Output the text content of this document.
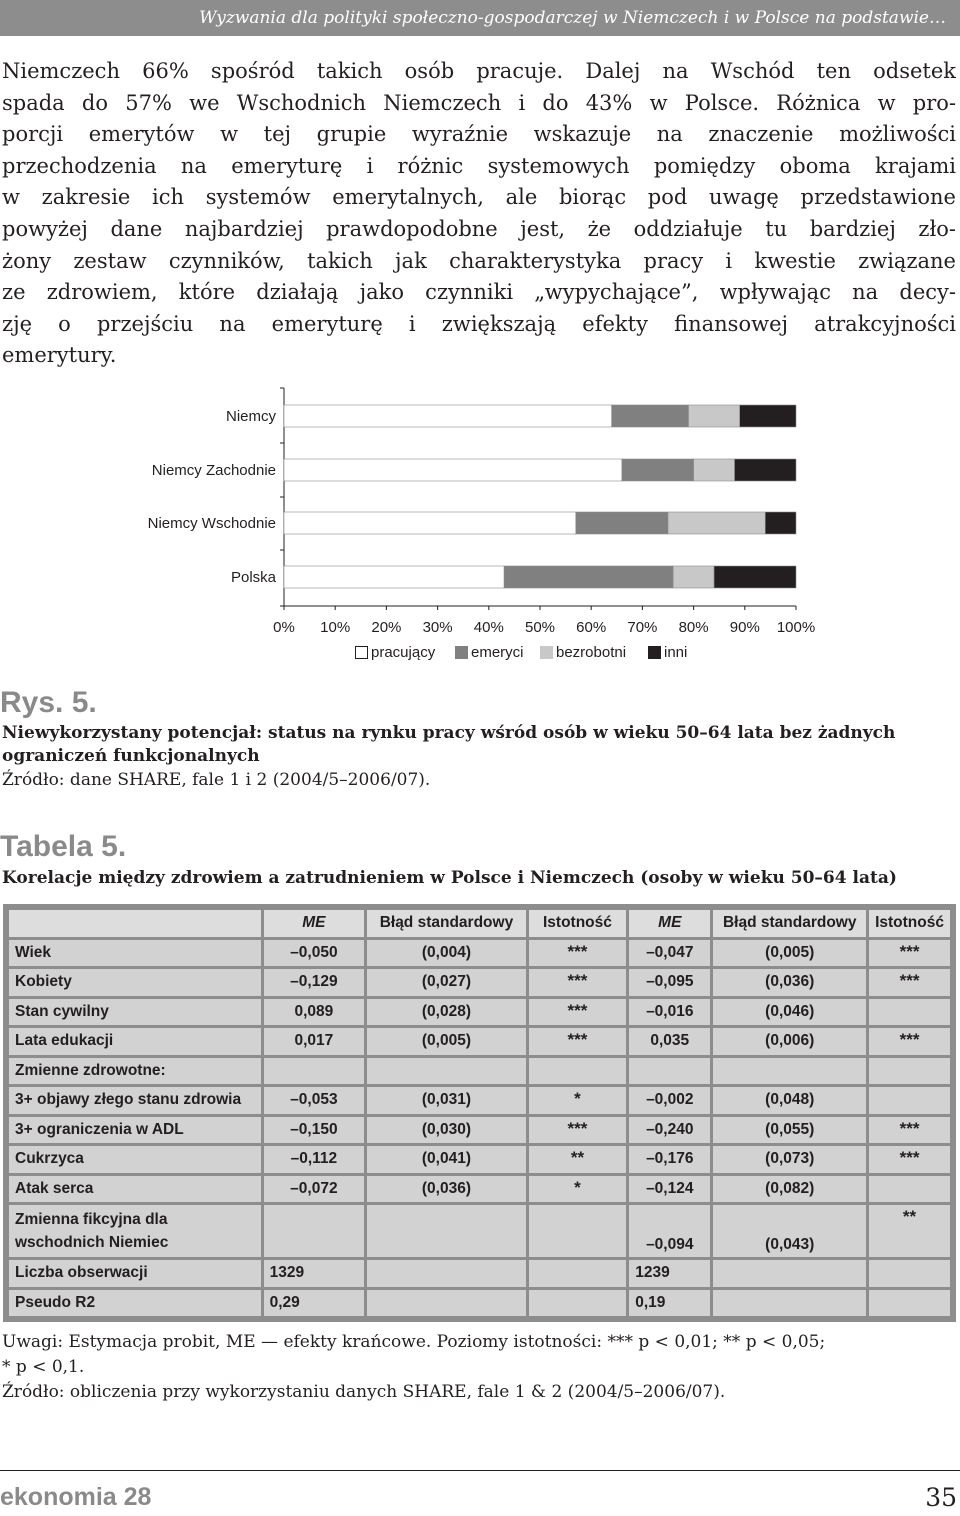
Wyzwania dla polityki społeczno-gospodarczej w Niemczech i w Polsce na podstawie…
Niemczech 66% spośród takich osób pracuje. Dalej na Wschód ten odsetek
spada do 57% we Wschodnich Niemczech i do 43% w Polsce. Różnica w pro-
porcji emerytów w tej grupie wyraźnie wskazuje na znaczenie możliwości
przechodzenia na emeryturę i różnic systemowych pomiędzy oboma krajami
w zakresie ich systemów emerytalnych, ale biorąc pod uwagę przedstawione
powyżej dane najbardziej prawdopodobne jest, że oddziałuje tu bardziej zło-
żony zestaw czynników, takich jak charakterystyka pracy i kwestie związane
ze zdrowiem, które działają jako czynniki „wypychające”, wpływając na decy-
zję o przejściu na emeryturę i zwiększają efekty finansowej atrakcyjności
emerytury.
0% 10% 20% 30% 40% 50% 60% 70% 80% 90% 100%
Niemcy
Niemcy Zachodnie
Niemcy Wschodnie
Polska
pracujący	emeryci	bezrobotni	inni
Rys. 5.
Niewykorzystany potencjał: status na rynku pracy wśród osób w wieku 50–64 lata bez żadnych ograniczeń funkcjonalnych
Źródło: dane SHARE, fale 1 i 2 (2004/5–2006/07).
Tabela 5.
Korelacje między zdrowiem a zatrudnieniem w Polsce i Niemczech (osoby w wieku 50–64 lata)
	ME	Błąd standardowy	Istotność	ME	Błąd standardowy	Istotność
Wiek	–0,050	(0,004)	***	–0,047	(0,005)	***
Kobiety	–0,129	(0,027)	***	–0,095	(0,036)	***
Stan cywilny	0,089	(0,028)	***	–0,016	(0,046)	
Lata edukacji	0,017	(0,005)	***	0,035	(0,006)	***
Zmienne zdrowotne:						
3+ objawy złego stanu zdrowia	–0,053	(0,031)	*	–0,002	(0,048)	
3+ ograniczenia w ADL	–0,150	(0,030)	***	–0,240	(0,055)	***
Cukrzyca	–0,112	(0,041)	**	–0,176	(0,073)	***
Atak serca	–0,072	(0,036)	*	–0,124	(0,082)	
Zmienna fikcyjna dla wschodnich Niemiec				–0,094	(0,043)	**
Liczba obserwacji	1329			1239		
Pseudo R2	0,29			0,19		
Uwagi: Estymacja probit, ME — efekty krańcowe. Poziomy istotności: *** p < 0,01; ** p < 0,05;
* p < 0,1.
Źródło: obliczenia przy wykorzystaniu danych SHARE, fale 1 & 2 (2004/5–2006/07).
ekonomia 28	35
